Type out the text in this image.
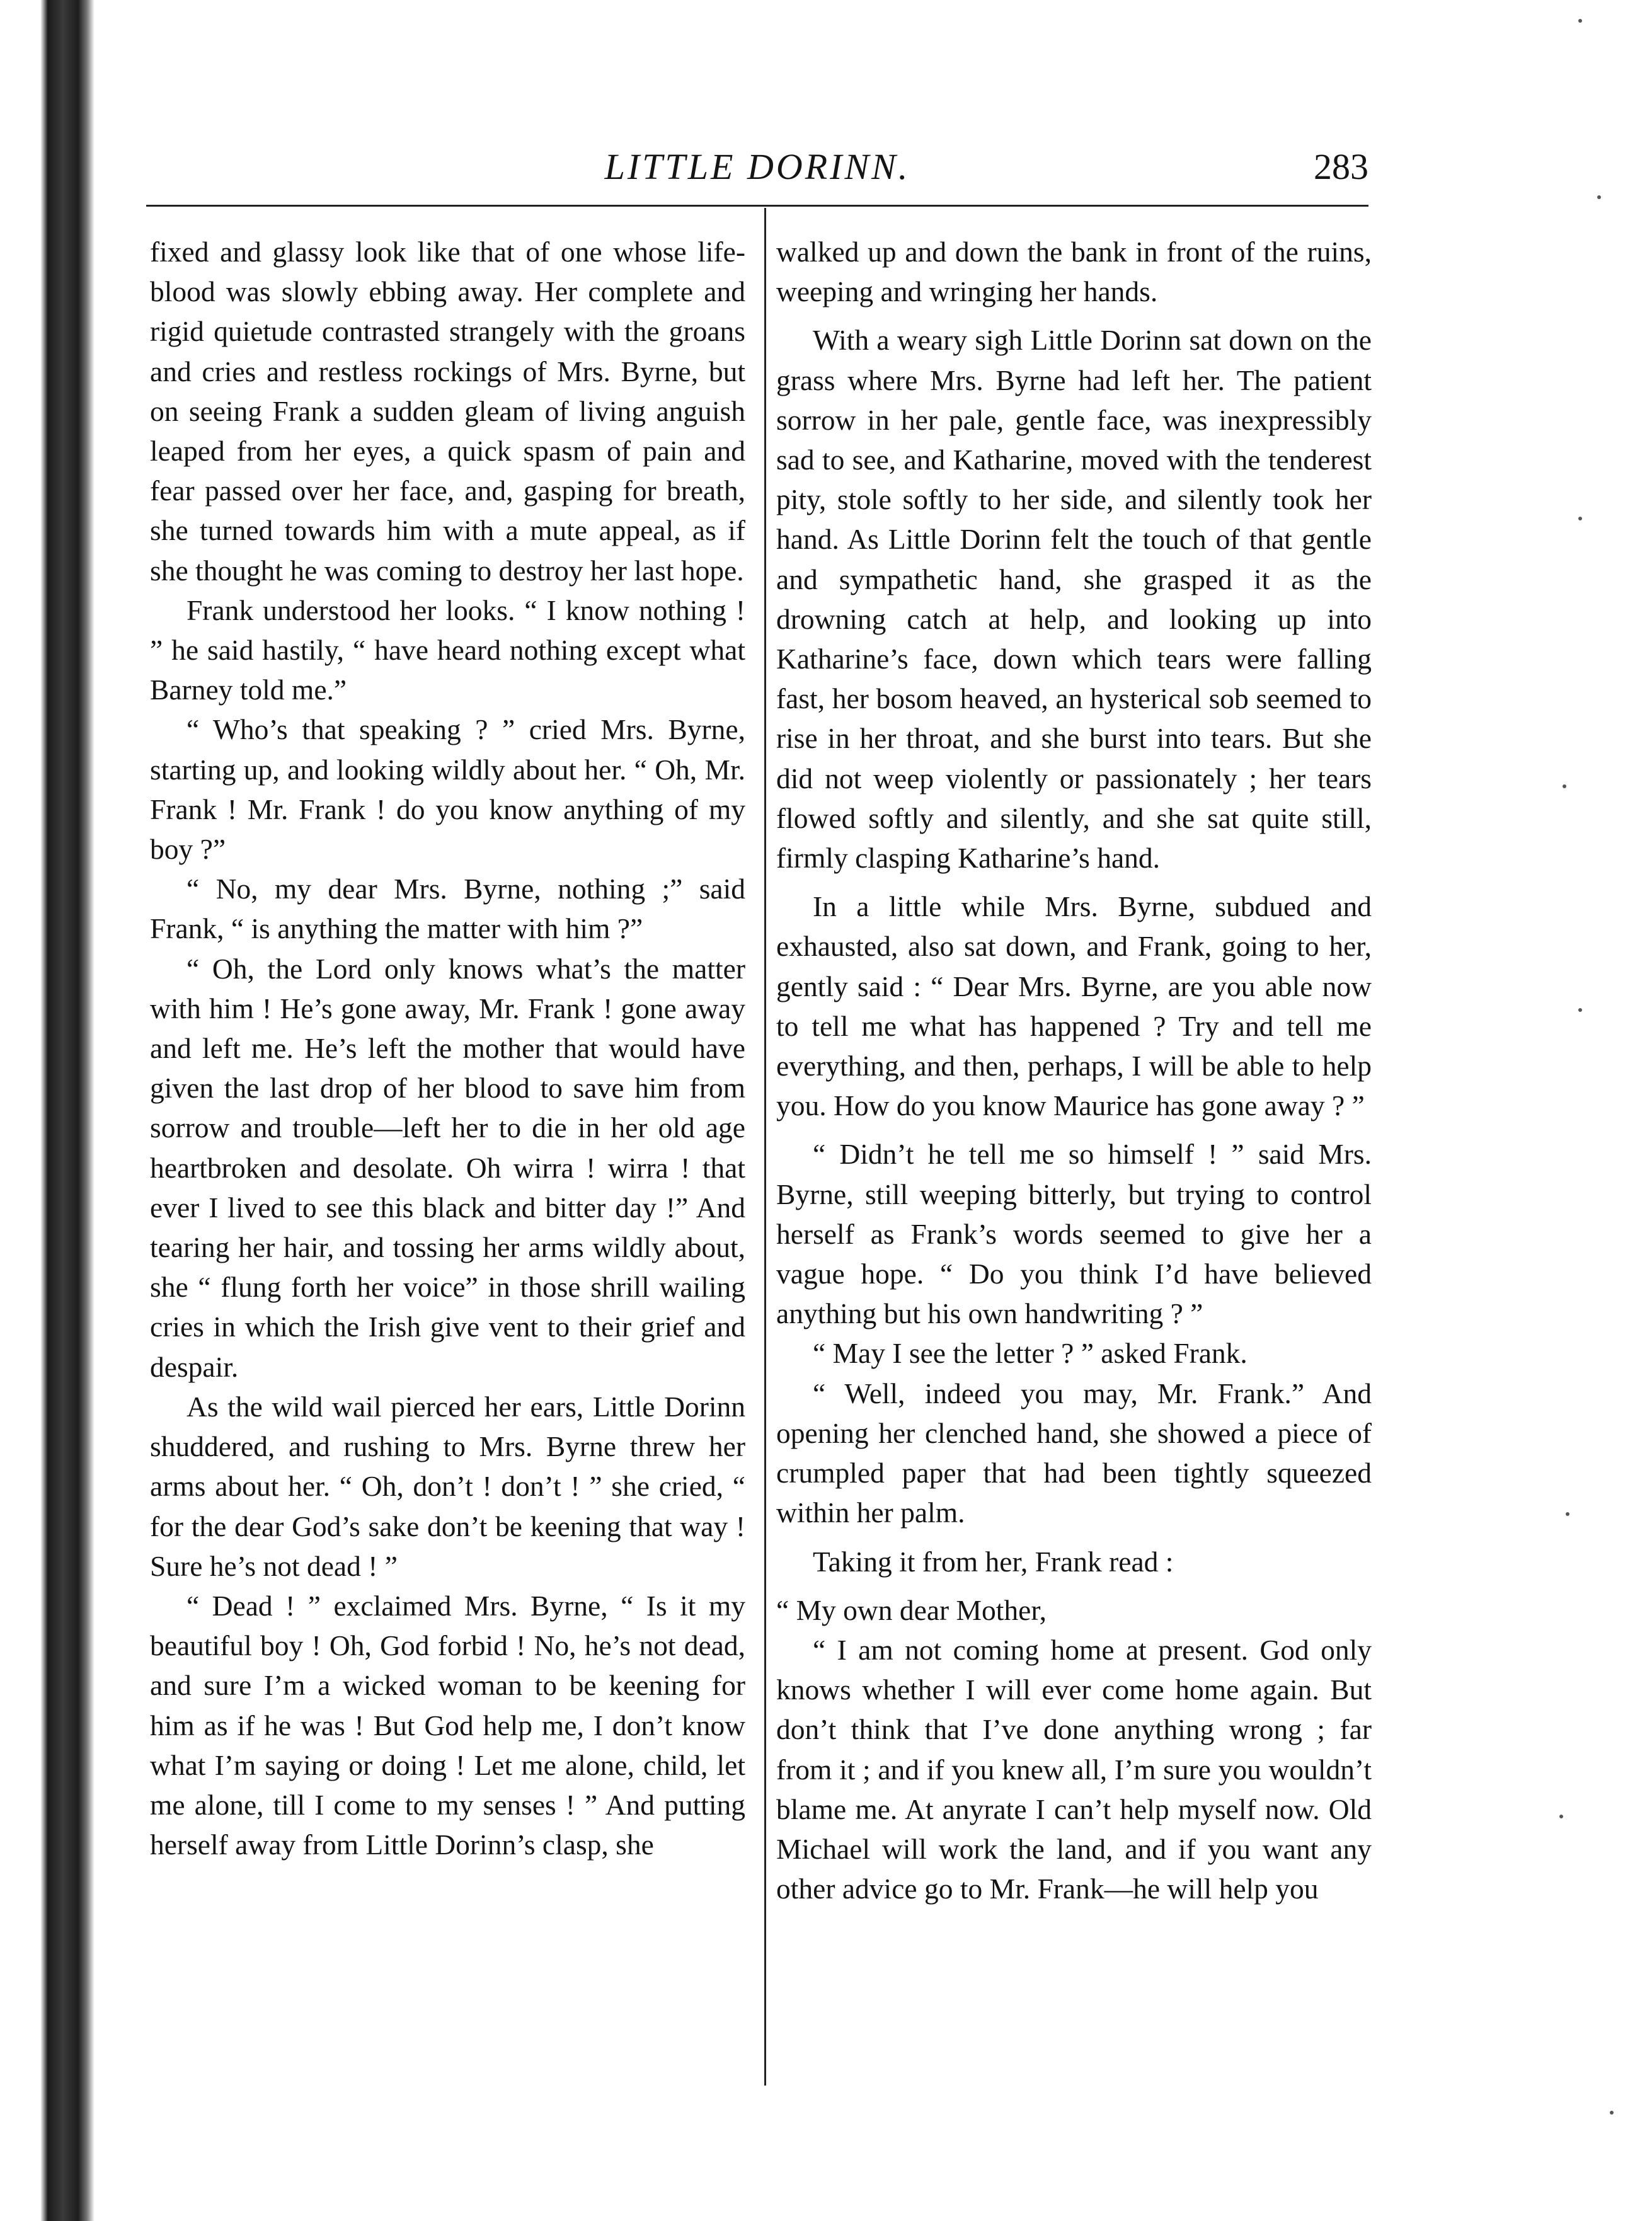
LITTLE DORINN.	283

fixed and glassy look like that of one whose life-blood was slowly ebbing away. Her complete and rigid quietude contrasted strangely with the groans and cries and restless rockings of Mrs. Byrne, but on seeing Frank a sudden gleam of living anguish leaped from her eyes, a quick spasm of pain and fear passed over her face, and, gasping for breath, she turned towards him with a mute appeal, as if she thought he was coming to destroy her last hope.

Frank understood her looks. “ I know nothing ! ” he said hastily, “ have heard nothing except what Barney told me.”

“ Who’s that speaking ? ” cried Mrs. Byrne, starting up, and looking wildly about her. “ Oh, Mr. Frank ! Mr. Frank ! do you know anything of my boy ?”

“ No, my dear Mrs. Byrne, nothing ;” said Frank, “ is anything the matter with him ?”

“ Oh, the Lord only knows what’s the matter with him ! He’s gone away, Mr. Frank ! gone away and left me. He’s left the mother that would have given the last drop of her blood to save him from sorrow and trouble—left her to die in her old age heartbroken and desolate. Oh wirra ! wirra ! that ever I lived to see this black and bitter day !” And tearing her hair, and tossing her arms wildly about, she “ flung forth her voice” in those shrill wailing cries in which the Irish give vent to their grief and despair.

As the wild wail pierced her ears, Little Dorinn shuddered, and rushing to Mrs. Byrne threw her arms about her. “ Oh, don’t ! don’t ! ” she cried, “ for the dear God’s sake don’t be keening that way ! Sure he’s not dead ! ”

“ Dead ! ” exclaimed Mrs. Byrne, “ Is it my beautiful boy ! Oh, God forbid ! No, he’s not dead, and sure I’m a wicked woman to be keening for him as if he was ! But God help me, I don’t know what I’m saying or doing ! Let me alone, child, let me alone, till I come to my senses ! ” And putting herself away from Little Dorinn’s clasp, she

walked up and down the bank in front of the ruins, weeping and wringing her hands.

With a weary sigh Little Dorinn sat down on the grass where Mrs. Byrne had left her. The patient sorrow in her pale, gentle face, was inexpressibly sad to see, and Katharine, moved with the tenderest pity, stole softly to her side, and silently took her hand. As Little Dorinn felt the touch of that gentle and sympathetic hand, she grasped it as the drowning catch at help, and looking up into Katharine’s face, down which tears were falling fast, her bosom heaved, an hysterical sob seemed to rise in her throat, and she burst into tears. But she did not weep violently or passionately ; her tears flowed softly and silently, and she sat quite still, firmly clasping Katharine’s hand.

In a little while Mrs. Byrne, subdued and exhausted, also sat down, and Frank, going to her, gently said : “ Dear Mrs. Byrne, are you able now to tell me what has happened ? Try and tell me everything, and then, perhaps, I will be able to help you. How do you know Maurice has gone away ? ”

“ Didn’t he tell me so himself ! ” said Mrs. Byrne, still weeping bitterly, but trying to control herself as Frank’s words seemed to give her a vague hope. “ Do you think I’d have believed anything but his own handwriting ? ”

“ May I see the letter ? ” asked Frank.

“ Well, indeed you may, Mr. Frank.” And opening her clenched hand, she showed a piece of crumpled paper that had been tightly squeezed within her palm.

Taking it from her, Frank read :

“ My own dear Mother,

“ I am not coming home at present. God only knows whether I will ever come home again. But don’t think that I’ve done anything wrong ; far from it ; and if you knew all, I’m sure you wouldn’t blame me. At anyrate I can’t help myself now. Old Michael will work the land, and if you want any other advice go to Mr. Frank—he will help you
